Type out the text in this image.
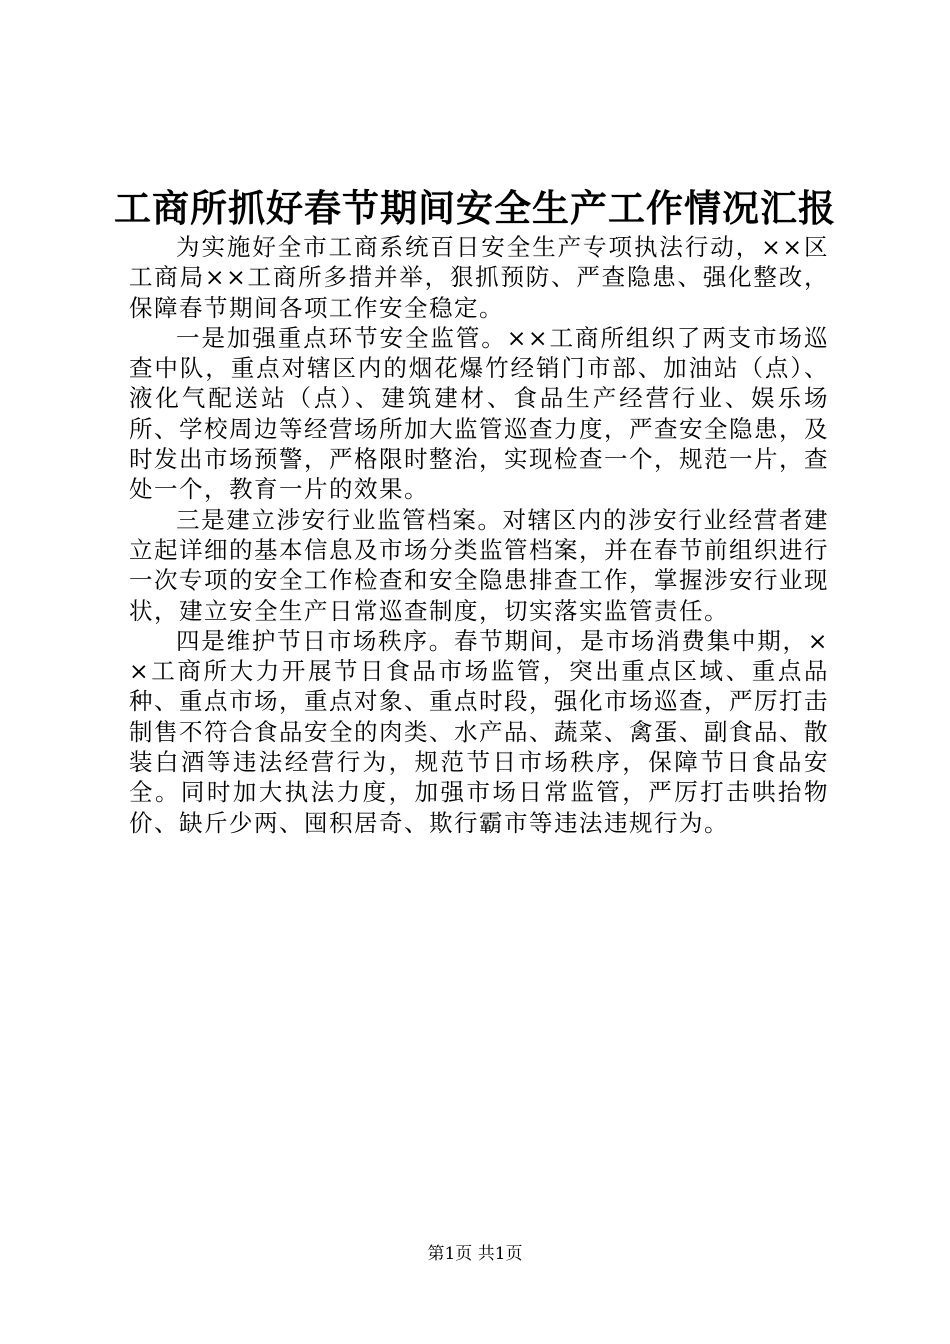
工商所抓好春节期间安全生产工作情况汇报

为实施好全市工商系统百日安全生产专项执法行动，××区工商局××工商所多措并举，狠抓预防、严查隐患、强化整改，保障春节期间各项工作安全稳定。

一是加强重点环节安全监管。××工商所组织了两支市场巡查中队，重点对辖区内的烟花爆竹经销门市部、加油站（点）、液化气配送站（点）、建筑建材、食品生产经营行业、娱乐场所、学校周边等经营场所加大监管巡查力度，严查安全隐患，及时发出市场预警，严格限时整治，实现检查一个，规范一片，查处一个，教育一片的效果。

三是建立涉安行业监管档案。对辖区内的涉安行业经营者建立起详细的基本信息及市场分类监管档案，并在春节前组织进行一次专项的安全工作检查和安全隐患排查工作，掌握涉安行业现状，建立安全生产日常巡查制度，切实落实监管责任。

四是维护节日市场秩序。春节期间，是市场消费集中期，××工商所大力开展节日食品市场监管，突出重点区域、重点品种、重点市场，重点对象、重点时段，强化市场巡查，严厉打击制售不符合食品安全的肉类、水产品、蔬菜、禽蛋、副食品、散装白酒等违法经营行为，规范节日市场秩序，保障节日食品安全。同时加大执法力度，加强市场日常监管，严厉打击哄抬物价、缺斤少两、囤积居奇、欺行霸市等违法违规行为。

第1页 共1页
